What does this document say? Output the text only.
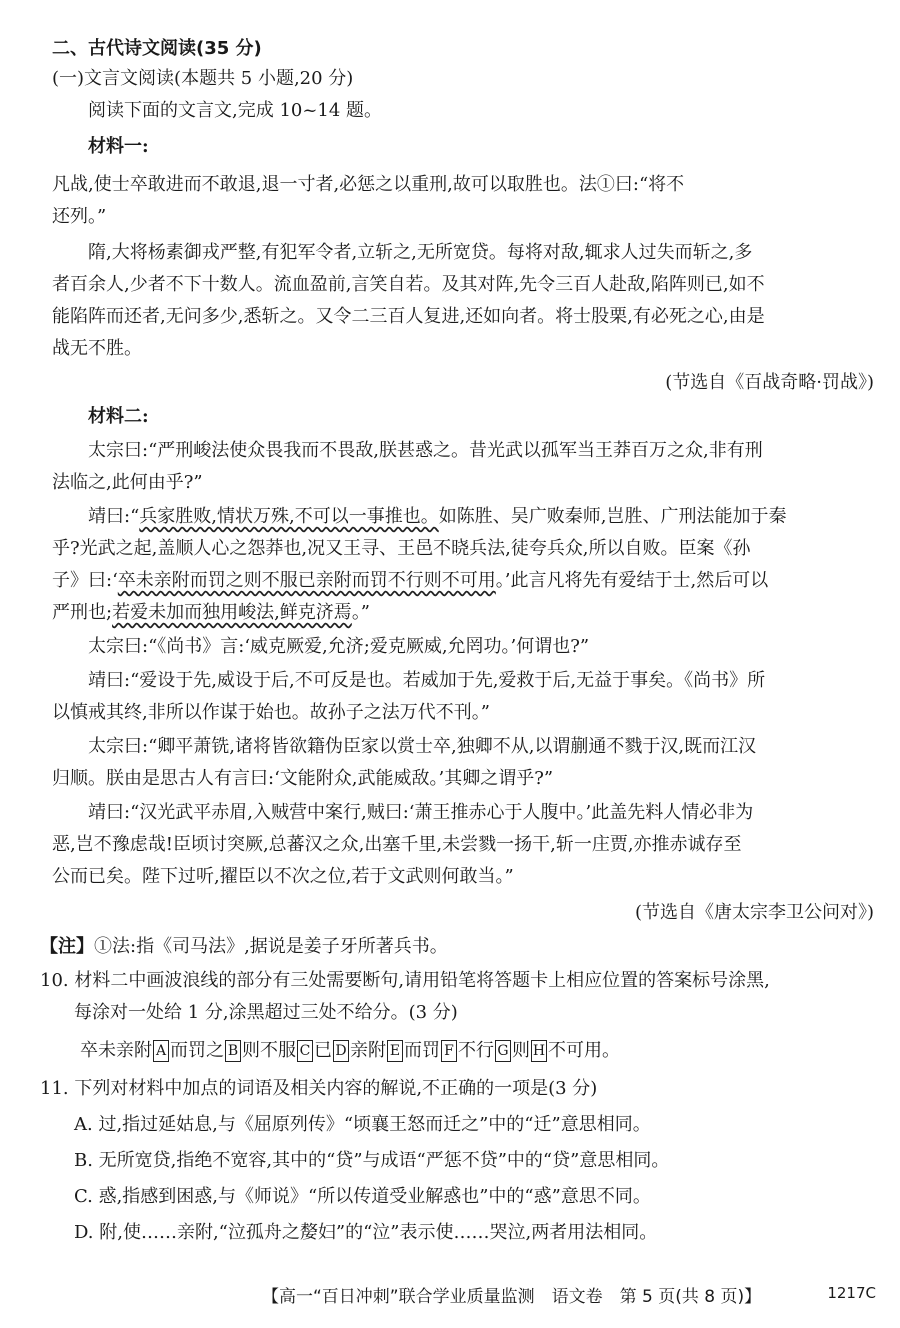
二、古代诗文阅读(35 分)
(一)文言文阅读(本题共 5 小题,20 分)
阅读下面的文言文,完成 10~14 题。
材料一:
凡战,使士卒敢进而不敢退,退一寸者,必惩之以重刑,故可以取胜也。法①曰:“将不
还列。”
隋,大将杨素御戎严整,有犯军令者,立斩之,无所宽贷。每将对敌,辄求人过失而斩之,多
者百余人,少者不下十数人。流血盈前,言笑自若。及其对阵,先令三百人赴敌,陷阵则已,如不
能陷阵而还者,无问多少,悉斩之。又令二三百人复进,还如向者。将士股栗,有必死之心,由是
战无不胜。
(节选自《百战奇略·罚战》)
材料二:
太宗曰:“严刑峻法使众畏我而不畏敌,朕甚惑之。昔光武以孤军当王莽百万之众,非有刑
法临之,此何由乎?”
靖曰:“兵家胜败,情状万殊,不可以一事推也。如陈胜、吴广败秦师,岂胜、广刑法能加于秦
乎?光武之起,盖顺人心之怨莽也,况又王寻、王邑不晓兵法,徒夸兵众,所以自败。臣案《孙
子》曰:‘卒未亲附而罚之则不服已亲附而罚不行则不可用。’此言凡将先有爱结于士,然后可以
严刑也;若爱未加而独用峻法,鲜克济焉。”
太宗曰:“《尚书》言:‘威克厥爱,允济;爱克厥威,允罔功。’何谓也?”
靖曰:“爱设于先,威设于后,不可反是也。若威加于先,爱救于后,无益于事矣。《尚书》所
以慎戒其终,非所以作谋于始也。故孙子之法万代不刊。”
太宗曰:“卿平萧铣,诸将皆欲籍伪臣家以赏士卒,独卿不从,以谓蒯通不戮于汉,既而江汉
归顺。朕由是思古人有言曰:‘文能附众,武能威敌。’其卿之谓乎?”
靖曰:“汉光武平赤眉,入贼营中案行,贼曰:‘萧王推赤心于人腹中。’此盖先料人情必非为
恶,岂不豫虑哉!臣顷讨突厥,总蕃汉之众,出塞千里,未尝戮一扬干,斩一庄贾,亦推赤诚存至
公而已矣。陛下过听,擢臣以不次之位,若于文武则何敢当。”
(节选自《唐太宗李卫公问对》)
【注】①法:指《司马法》,据说是姜子牙所著兵书。
10. 材料二中画波浪线的部分有三处需要断句,请用铅笔将答题卡上相应位置的答案标号涂黑,
每涂对一处给 1 分,涂黑超过三处不给分。(3 分)
卒未亲附 A 而罚之 B 则不服 C 已 D 亲附 E 而罚 F 不行 G 则 H 不可用。
11. 下列对材料中加点的词语及相关内容的解说,不正确的一项是(3 分)
A. 过,指过延姑息,与《屈原列传》“顷襄王怒而迁之”中的“迁”意思相同。
B. 无所宽贷,指绝不宽容,其中的“贷”与成语“严惩不贷”中的“贷”意思相同。
C. 惑,指感到困惑,与《师说》“所以传道受业解惑也”中的“惑”意思不同。
D. 附,使……亲附,“泣孤舟之嫠妇”的“泣”表示使……哭泣,两者用法相同。
【高一“百日冲刺”联合学业质量监测　语文卷　第 5 页(共 8 页)】	1217C
